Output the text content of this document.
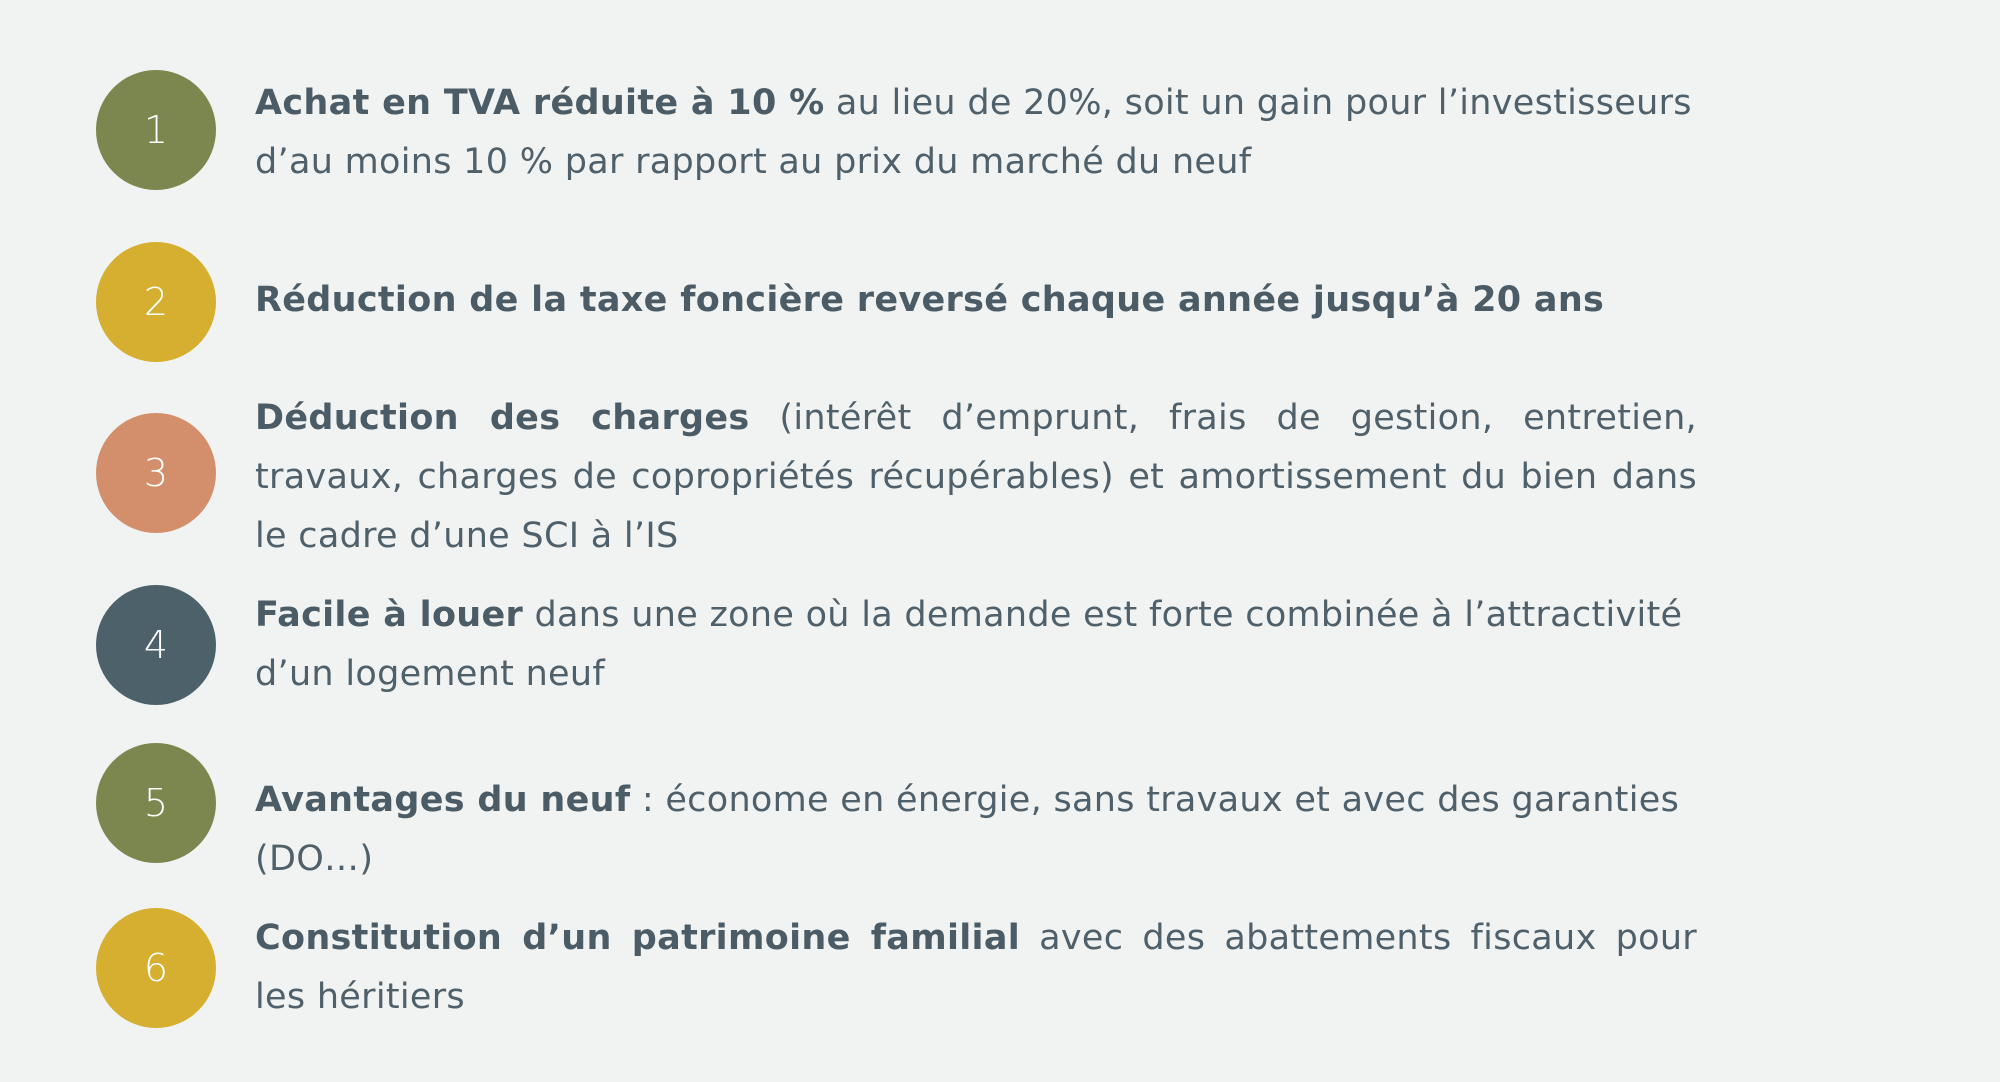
1

Achat en TVA réduite à 10 % au lieu de 20%, soit un gain pour l’investisseurs d’au moins 10 % par rapport au prix du marché du neuf

2 Réduction de la taxe foncière reversé chaque année jusqu’à 20 ans

3

Déduction des charges (intérêt d’emprunt, frais de gestion, entretien, travaux, charges de copropriétés récupérables) et amortissement du bien dans le cadre d’une SCI à l’IS

4

Facile à louer dans une zone où la demande est forte combinée à l’attractivité d’un logement neuf

5 Avantages du neuf : économe en énergie, sans travaux et avec des garanties (DO…)

6

Constitution d’un patrimoine familial avec des abattements fiscaux pour les héritiers
